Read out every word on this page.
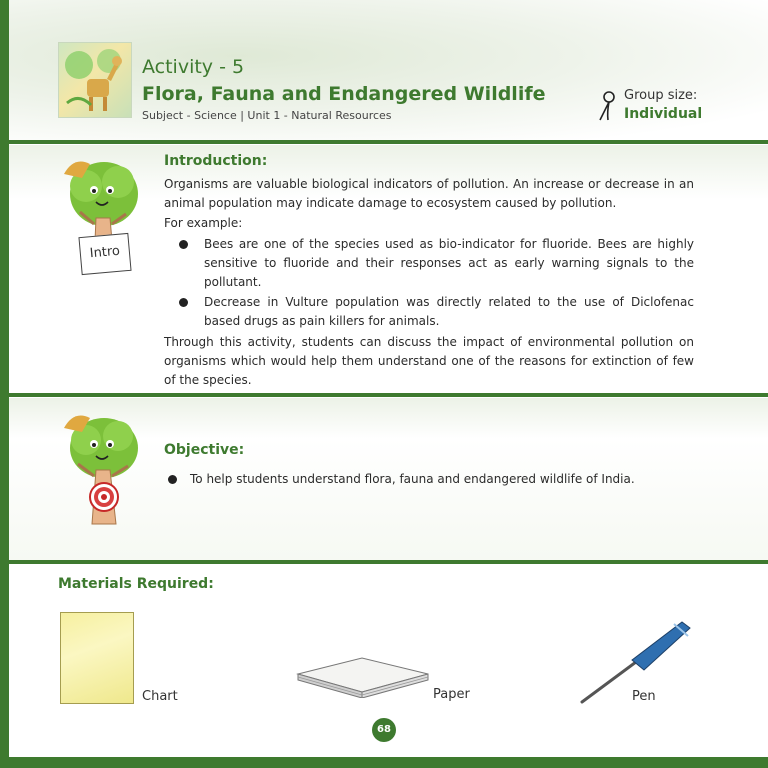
Activity - 5
Flora, Fauna and Endangered Wildlife
Subject - Science | Unit 1 - Natural Resources
Group size:
Individual
Intro
Introduction:
Organisms are valuable biological indicators of pollution. An increase or decrease in an animal population may indicate damage to ecosystem caused by pollution.
For example:
Bees are one of the species used as bio-indicator for fluoride. Bees are highly sensitive to fluoride and their responses act as early warning signals to the pollutant.
Decrease in Vulture population was directly related to the use of Diclofenac based drugs as pain killers for animals.
Through this activity, students can discuss the impact of environmental pollution on organisms which would help them understand one of the reasons for extinction of few of the species.
Objective:
To help students understand flora, fauna and endangered wildlife of India.
Materials Required:
Chart	Paper	Pen
68
